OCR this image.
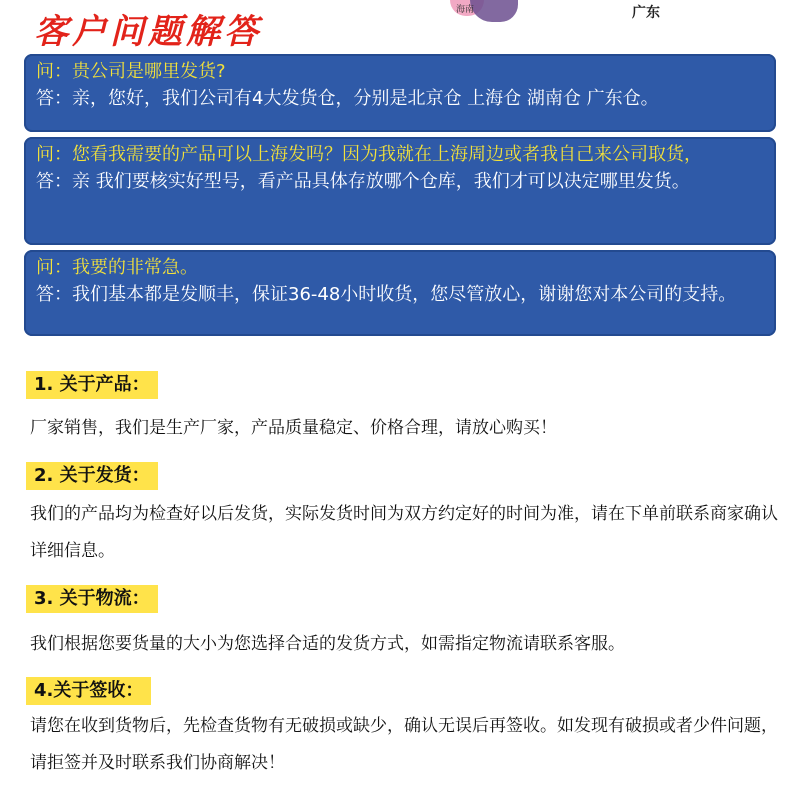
客户问题解答
海南	广东
问：贵公司是哪里发货?
答：亲，您好，我们公司有4大发货仓，分别是北京仓 上海仓 湖南仓 广东仓。
问：您看我需要的产品可以上海发吗？因为我就在上海周边或者我自己来公司取货，
答：亲 我们要核实好型号，看产品具体存放哪个仓库，我们才可以决定哪里发货。
问：我要的非常急。
答：我们基本都是发顺丰，保证36-48小时收货，您尽管放心，谢谢您对本公司的支持。
1. 关于产品：
厂家销售，我们是生产厂家，产品质量稳定、价格合理，请放心购买！
2. 关于发货：
我们的产品均为检查好以后发货，实际发货时间为双方约定好的时间为准，请在下单前联系商家确认详细信息。
3. 关于物流：
我们根据您要货量的大小为您选择合适的发货方式，如需指定物流请联系客服。
4.关于签收：
请您在收到货物后，先检查货物有无破损或缺少，确认无误后再签收。如发现有破损或者少件问题，请拒签并及时联系我们协商解决！
